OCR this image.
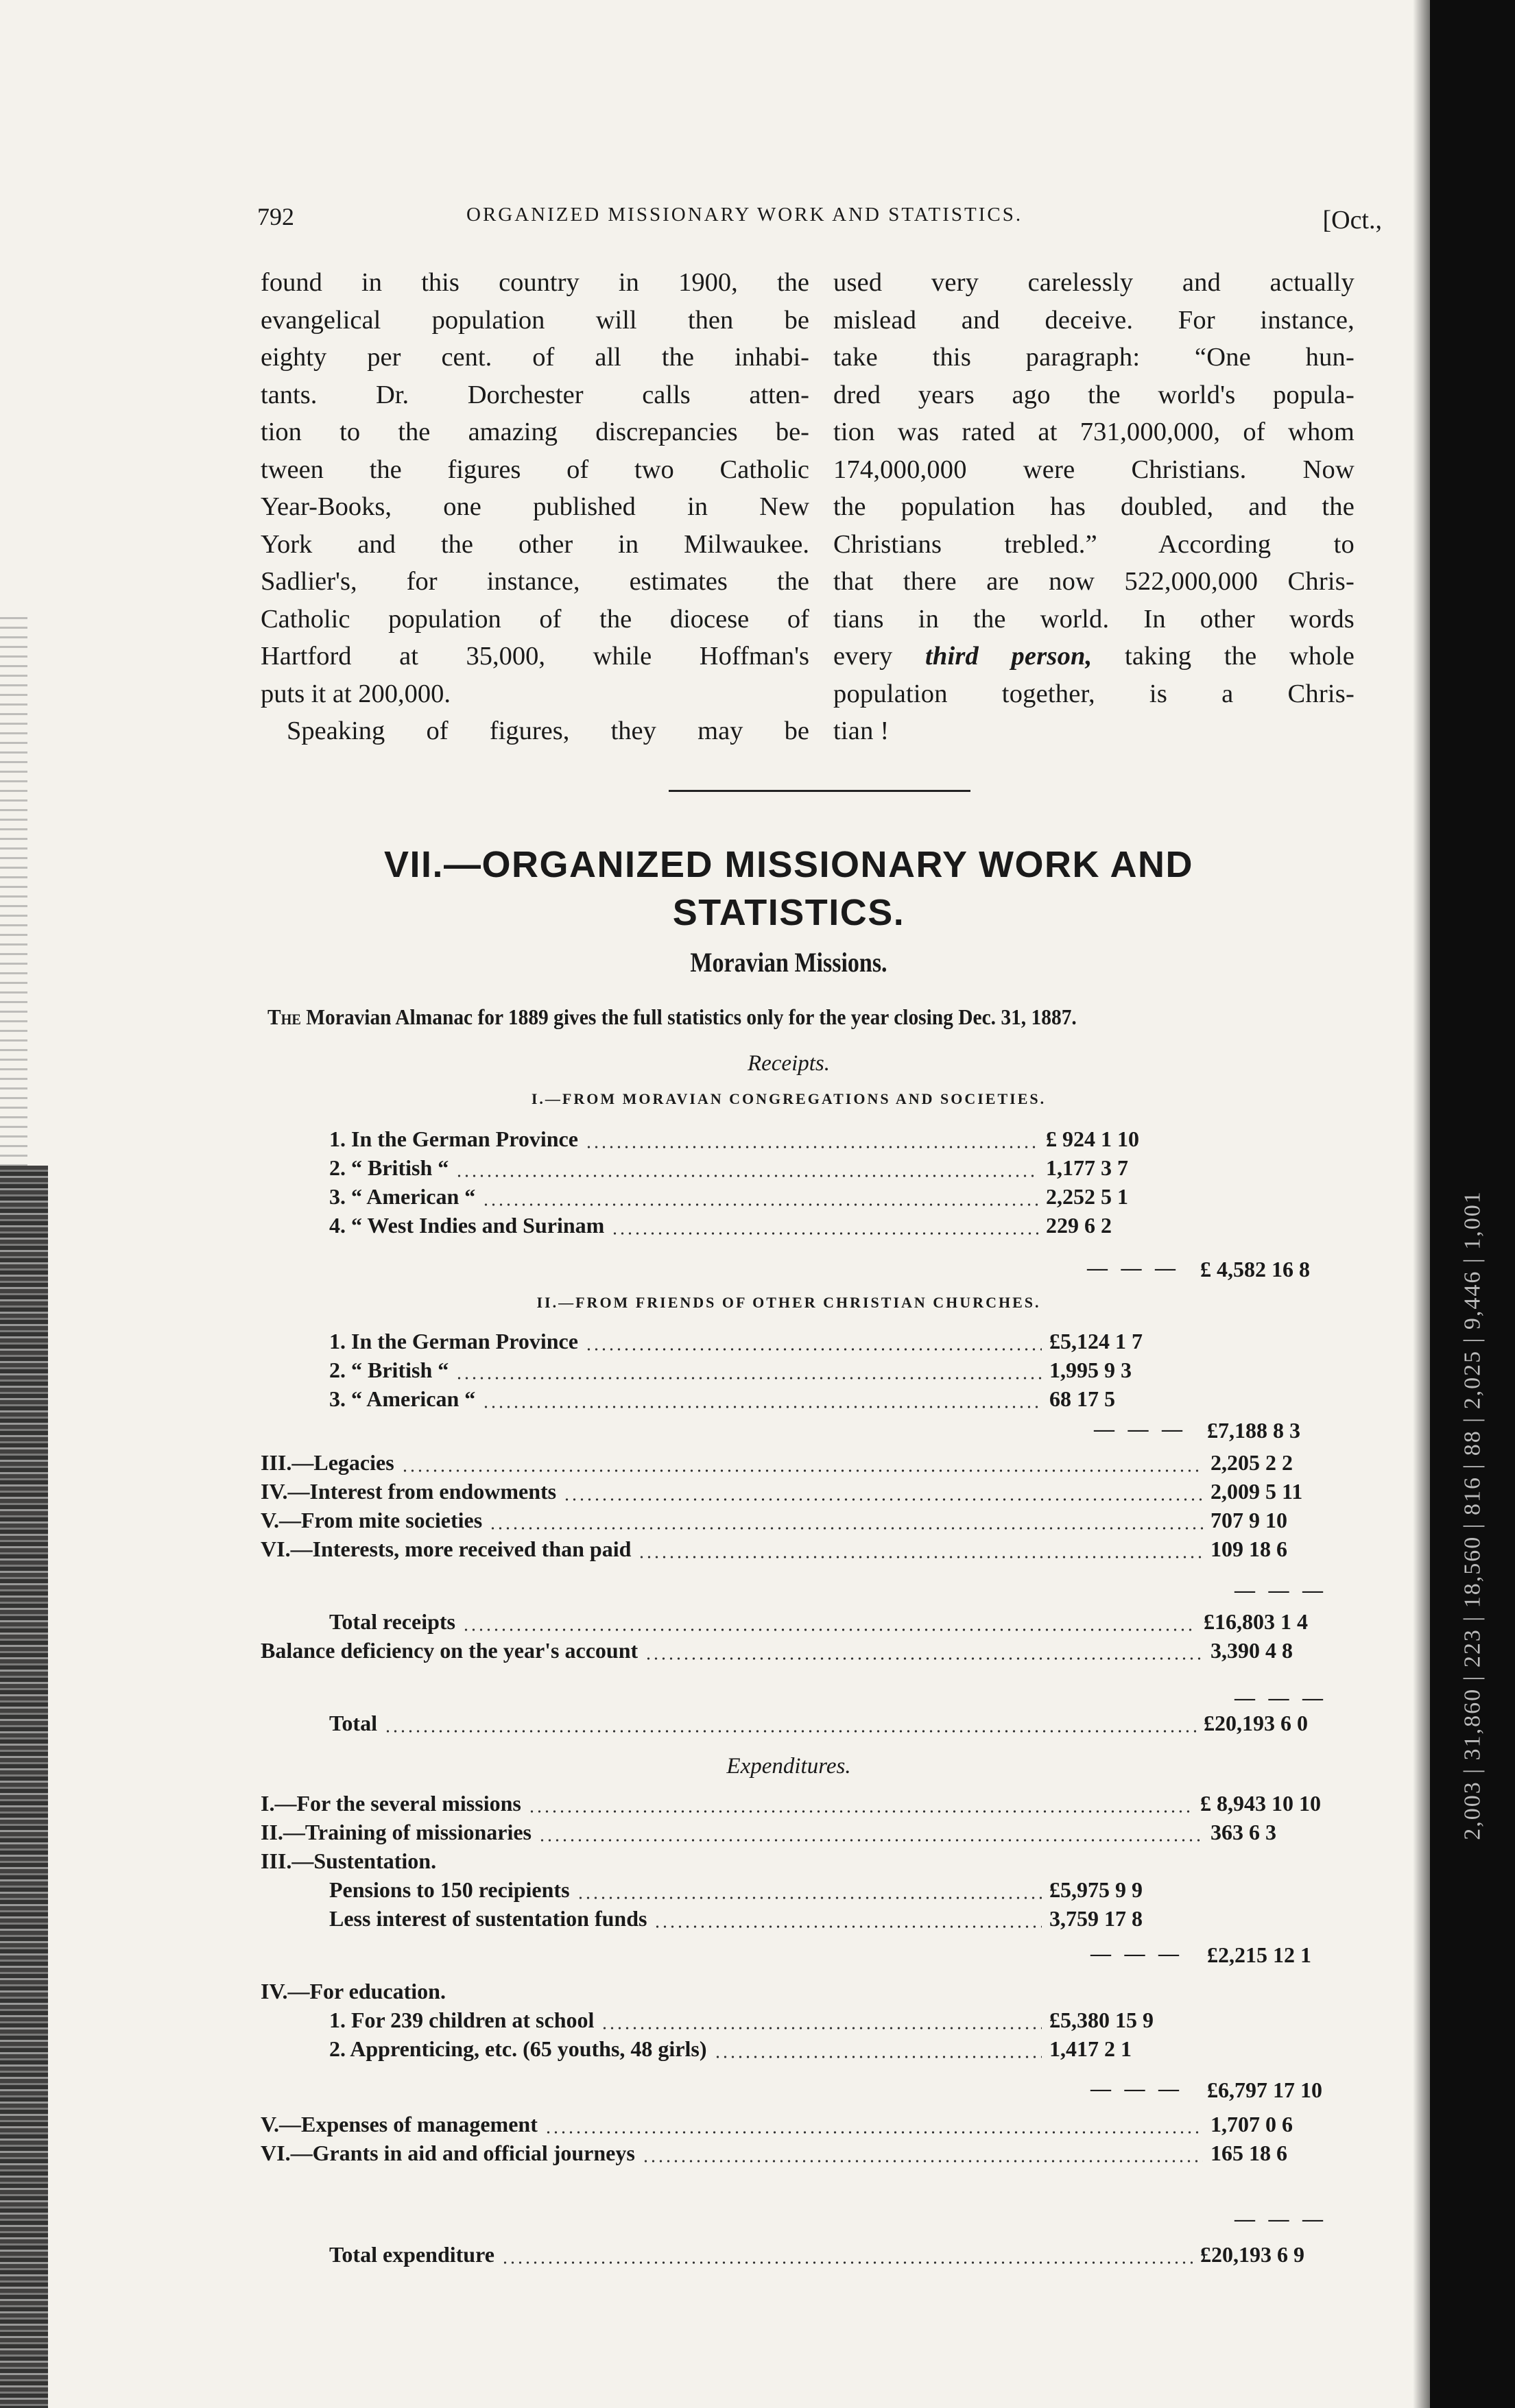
2,003 | 31,860 | 223 | 18,560 | 816 | 88 | 2,025 | 9,446 | 1,001
792	ORGANIZED MISSIONARY WORK AND STATISTICS.	[Oct.,
found in this country in 1900, the
evangelical population will then be
eighty per cent. of all the inhabi-
tants. Dr. Dorchester calls atten-
tion to the amazing discrepancies be-
tween the figures of two Catholic
Year-Books, one published in New
York and the other in Milwaukee.
Sadlier's, for instance, estimates the
Catholic population of the diocese of
Hartford at 35,000, while Hoffman's
puts it at 200,000.
Speaking of figures, they may be
used very carelessly and actually
mislead and deceive. For instance,
take this paragraph: “One hun-
dred years ago the world's popula-
tion was rated at 731,000,000, of whom
174,000,000 were Christians. Now
the population has doubled, and the
Christians trebled.” According to
that there are now 522,000,000 Chris-
tians in the world. In other words
every third person, taking the whole
population together, is a Chris-
tian !
VII.—ORGANIZED MISSIONARY WORK AND
STATISTICS.
Moravian Missions.
The Moravian Almanac for 1889 gives the full statistics only for the year closing Dec. 31, 1887.
Receipts.
I.—FROM MORAVIAN CONGREGATIONS AND SOCIETIES.
II.—FROM FRIENDS OF OTHER CHRISTIAN CHURCHES.
Expenditures.
— — —
— — —
— — —
— — —
— — —
— — —
— — —
1. In the German Province	£ 924 1 10
2. “ British “	1,177 3 7
3. “ American “	2,252 5 1
4. “ West Indies and Surinam	229 6 2
£ 4,582 16 8
1. In the German Province	£5,124 1 7
2. “ British “	1,995 9 3
3. “ American “	68 17 5
£7,188 8 3
III.—Legacies	2,205 2 2
IV.—Interest from endowments	2,009 5 11
V.—From mite societies	707 9 10
VI.—Interests, more received than paid	109 18 6
Total receipts	£16,803 1 4
Balance deficiency on the year's account	3,390 4 8
Total	£20,193 6 0
I.—For the several missions	£ 8,943 10 10
II.—Training of missionaries	363 6 3
III.—Sustentation.
Pensions to 150 recipients	£5,975 9 9
Less interest of sustentation funds	3,759 17 8
£2,215 12 1
IV.—For education.
1. For 239 children at school	£5,380 15 9
2. Apprenticing, etc. (65 youths, 48 girls)	1,417 2 1
£6,797 17 10
V.—Expenses of management	1,707 0 6
VI.—Grants in aid and official journeys	165 18 6
Total expenditure	£20,193 6 9
